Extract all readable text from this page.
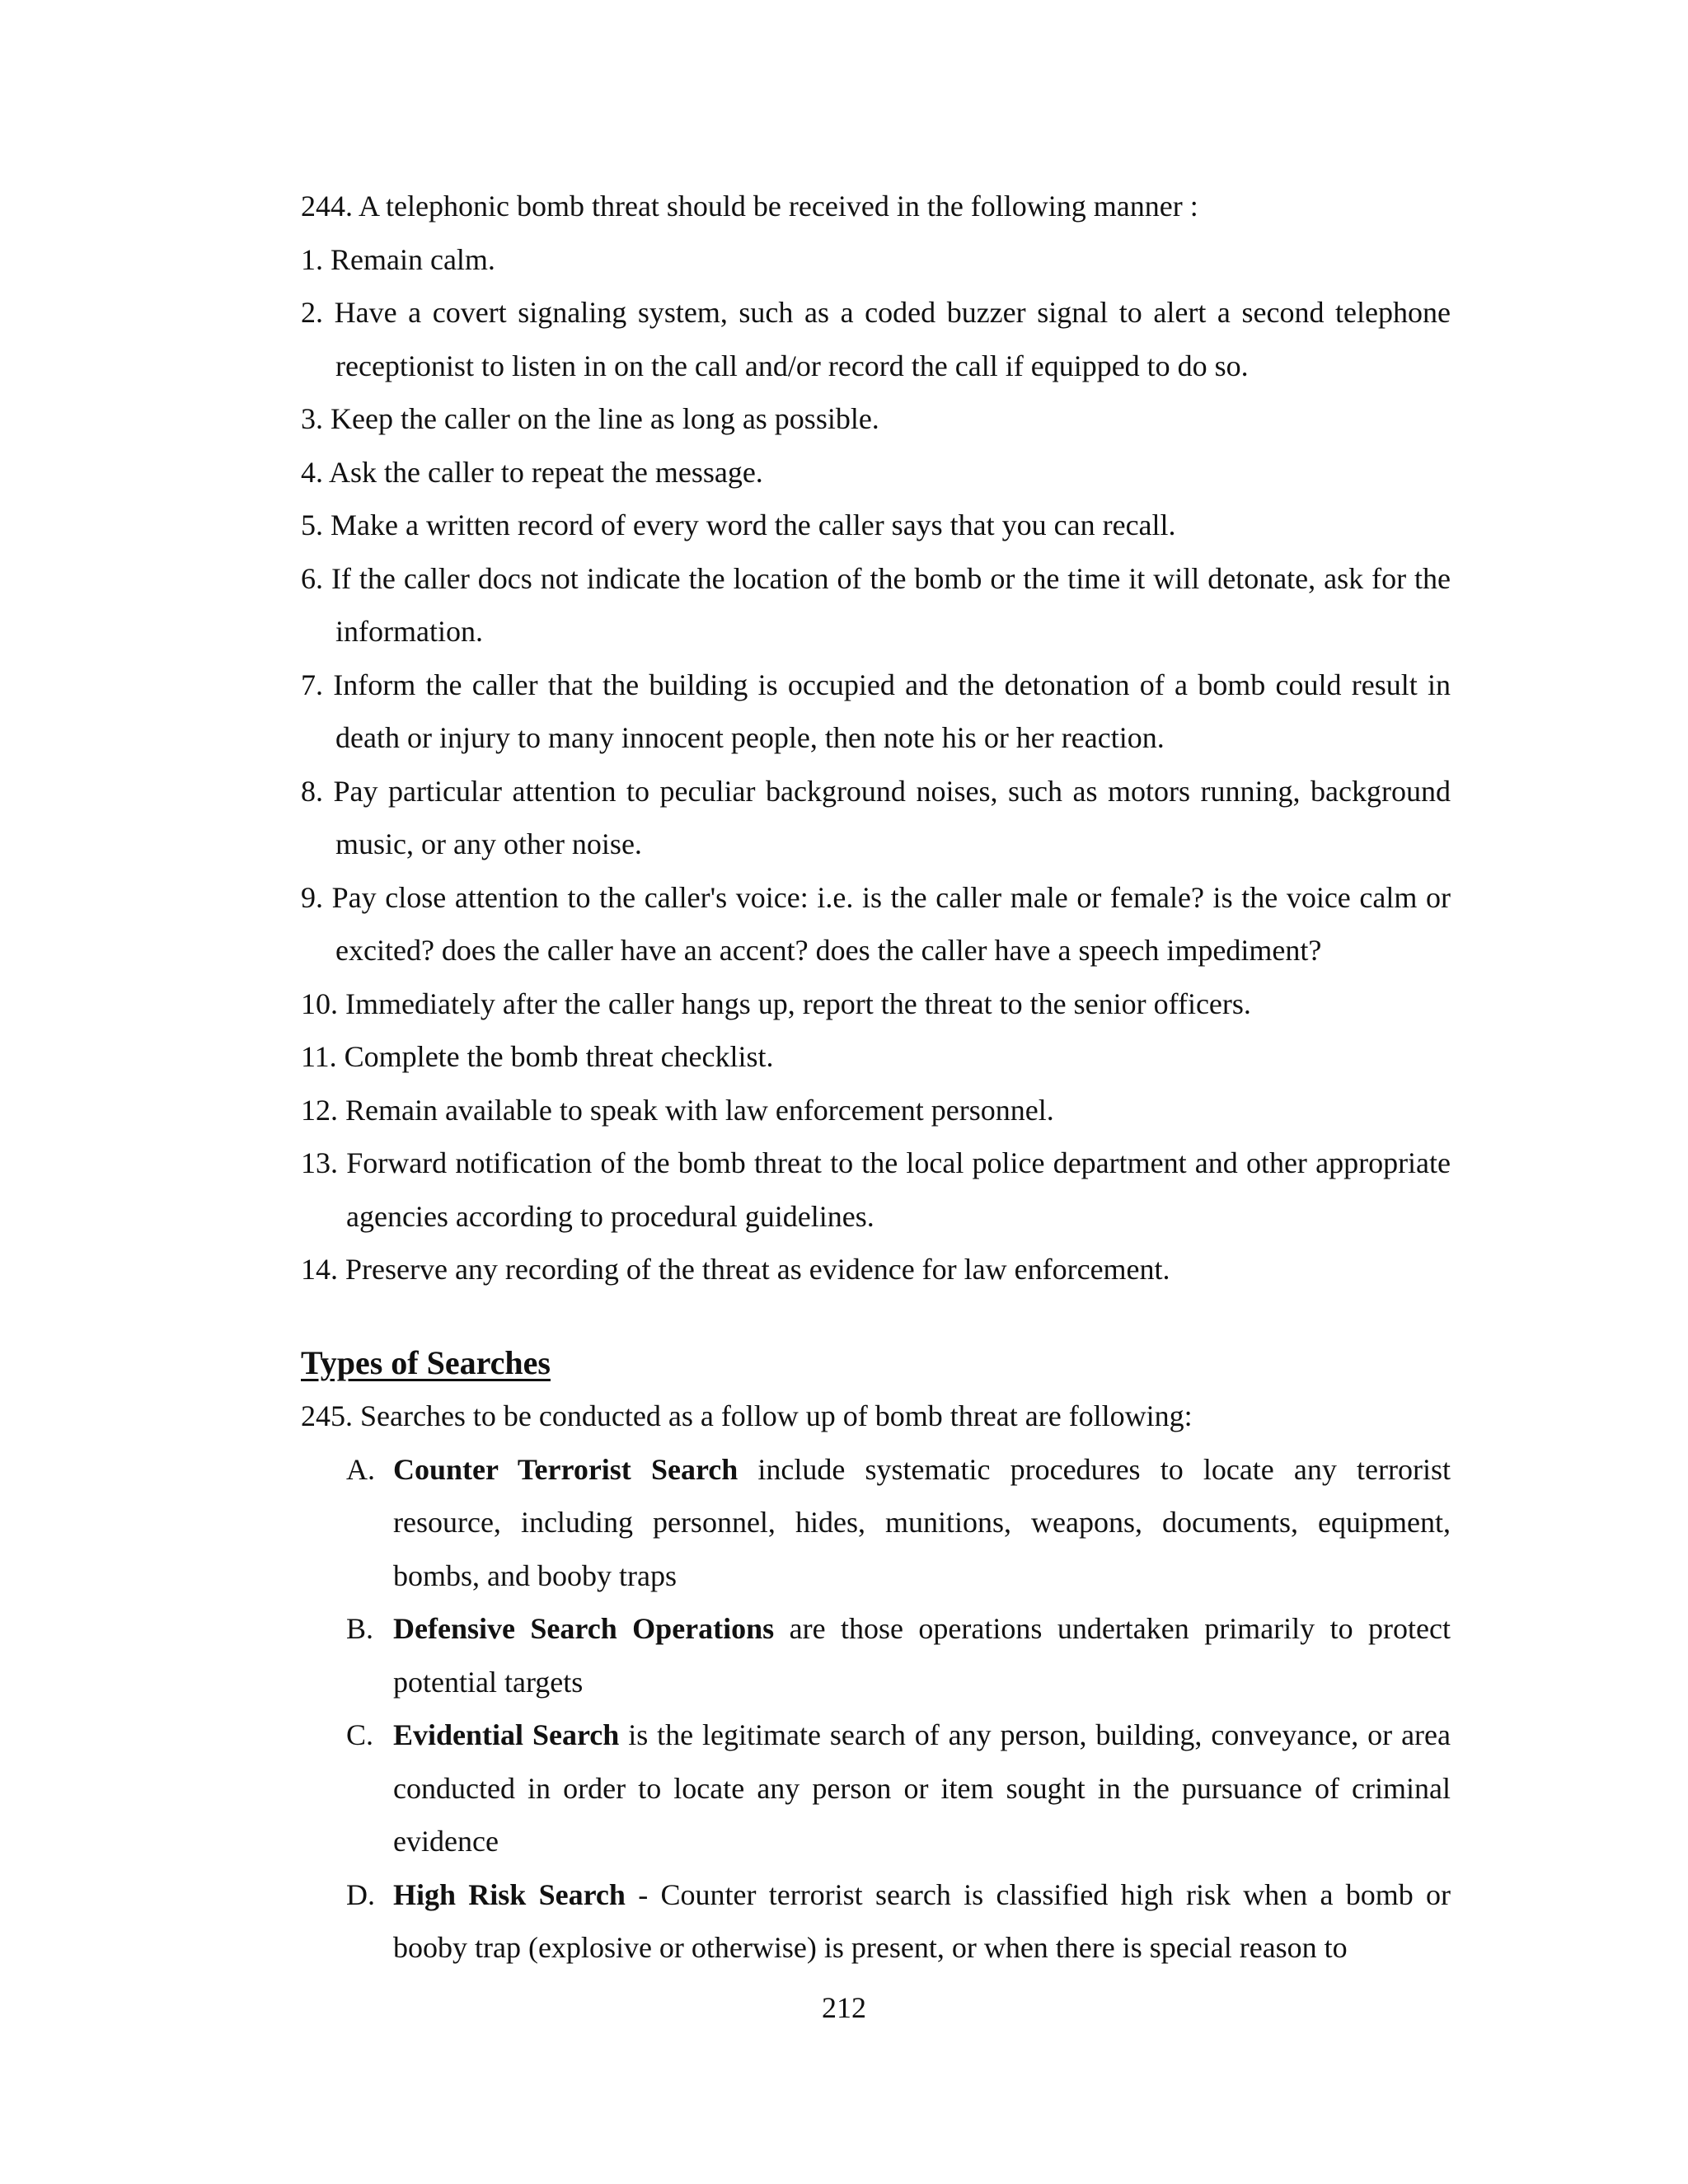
244. A telephonic bomb threat should be received in the following manner :

1. Remain calm.

2. Have a covert signaling system, such as a coded buzzer signal to alert a second telephone receptionist to listen in on the call and/or record the call if equipped to do so.

3. Keep the caller on the line as long as possible.

4. Ask the caller to repeat the message.

5. Make a written record of every word the caller says that you can recall.

6. If the caller docs not indicate the location of the bomb or the time it will detonate, ask for the information.

7. Inform the caller that the building is occupied and the detonation of a bomb could result in death or injury to many innocent people, then note his or her reaction.

8. Pay particular attention to peculiar background noises, such as motors running, background music, or any other noise.

9. Pay close attention to the caller's voice: i.e. is the caller male or female? is the voice calm or excited? does the caller have an accent? does the caller have a speech impediment?

10. Immediately after the caller hangs up, report the threat to the senior officers.

11. Complete the bomb threat checklist.

12. Remain available to speak with law enforcement personnel.

13. Forward notification of the bomb threat to the local police department and other appropriate agencies according to procedural guidelines.

14. Preserve any recording of the threat as evidence for law enforcement.

Types of Searches

245. Searches to be conducted as a follow up of bomb threat are following:

A. Counter Terrorist Search include systematic procedures to locate any terrorist resource, including personnel, hides, munitions, weapons, documents, equipment, bombs, and booby traps
B. Defensive Search Operations are those operations undertaken primarily to protect potential targets
C. Evidential Search is the legitimate search of any person, building, conveyance, or area conducted in order to locate any person or item sought in the pursuance of criminal evidence
D. High Risk Search - Counter terrorist search is classified high risk when a bomb or booby trap (explosive or otherwise) is present, or when there is special reason to
212
